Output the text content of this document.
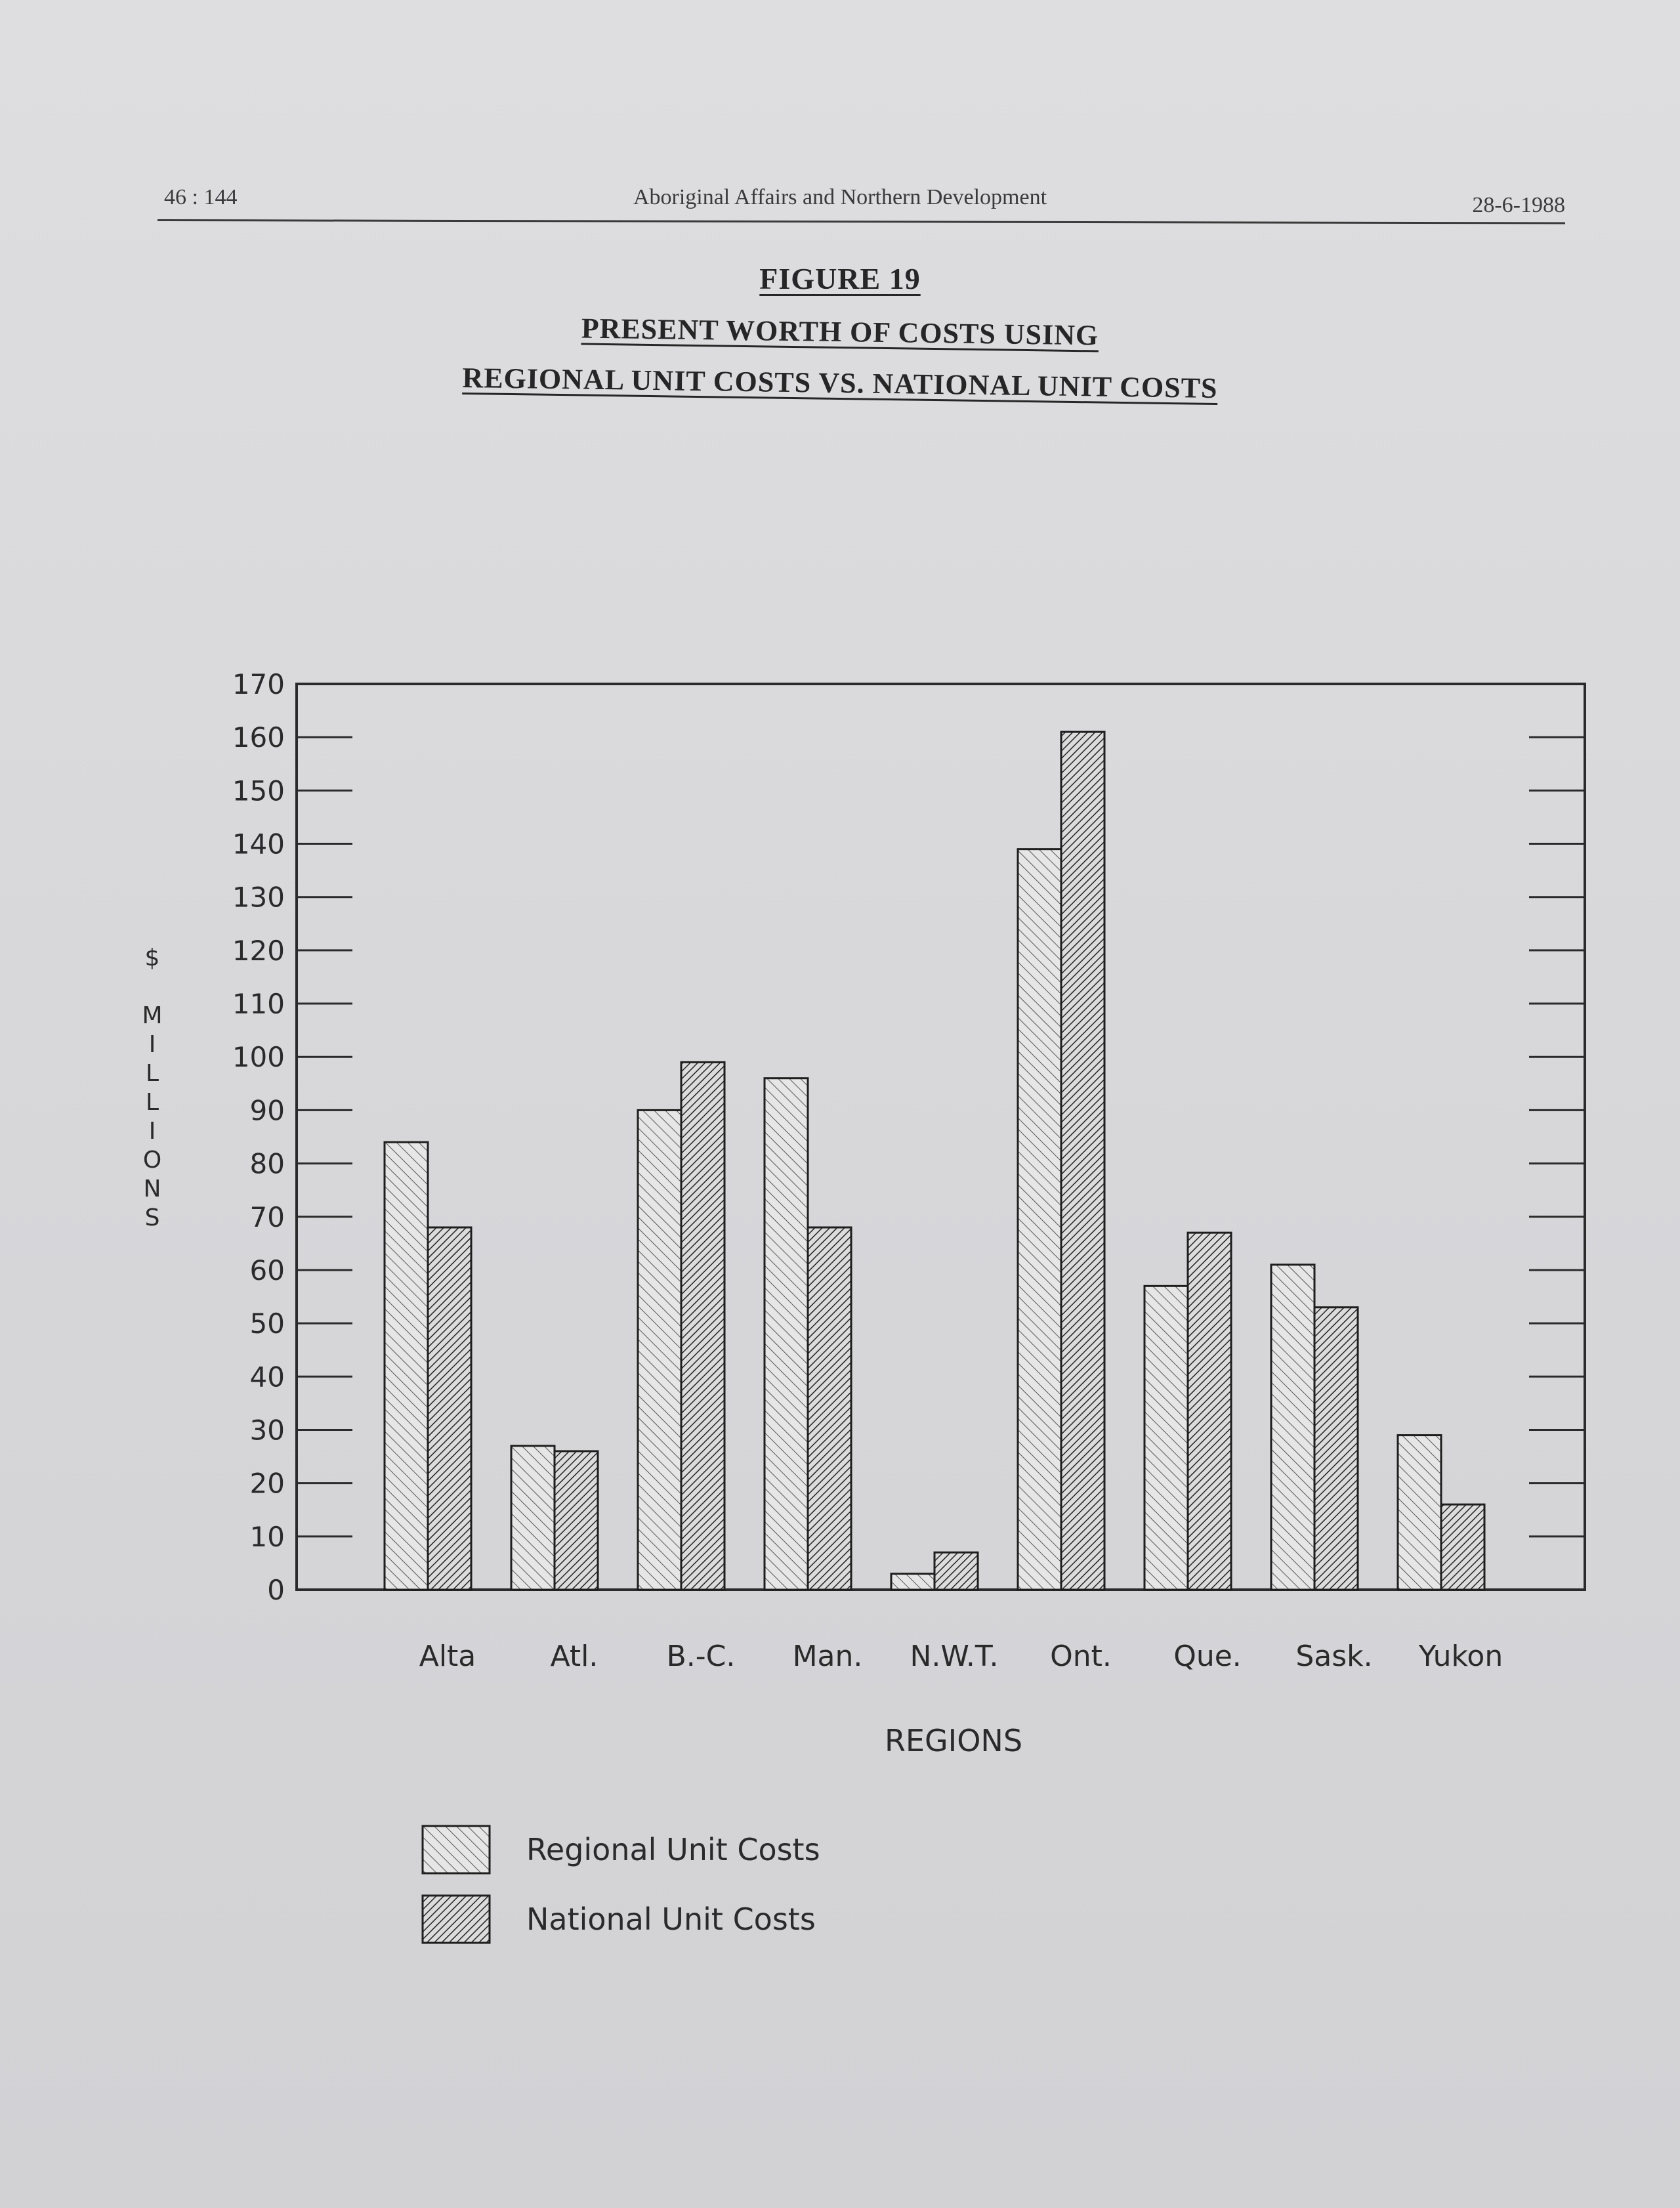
46 : 144	Aboriginal Affairs and Northern Development	28-6-1988
FIGURE 19
PRESENT WORTH OF COSTS USING
REGIONAL UNIT COSTS VS. NATIONAL UNIT COSTS
$

M
I
L
L
I
O
N
S
0
10
20
30
40
50
60
70
80
90
100
110
120
130
140
150
160
170
Alta	Atl. B.-C. Man. N.W.T. Ont. Que. Sask. Yukon
REGIONS
Regional Unit Costs
National Unit Costs
